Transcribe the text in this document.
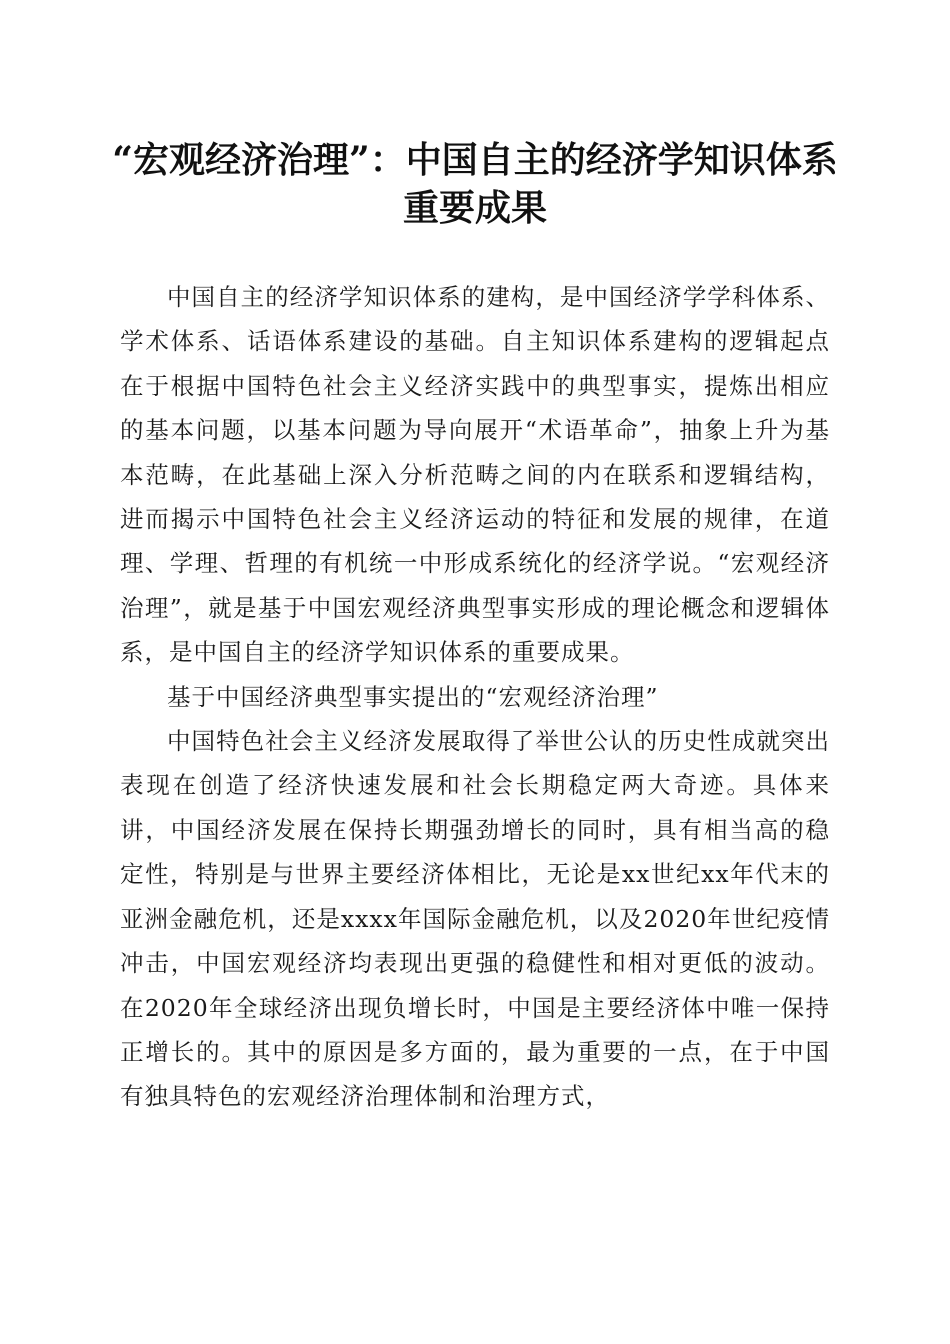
“宏观经济治理”：中国自主的经济学知识体系重要成果

中国自主的经济学知识体系的建构，是中国经济学学科体系、学术体系、话语体系建设的基础。自主知识体系建构的逻辑起点在于根据中国特色社会主义经济实践中的典型事实，提炼出相应的基本问题，以基本问题为导向展开“术语革命”，抽象上升为基本范畴，在此基础上深入分析范畴之间的内在联系和逻辑结构，进而揭示中国特色社会主义经济运动的特征和发展的规律，在道理、学理、哲理的有机统一中形成系统化的经济学说。“宏观经济治理”，就是基于中国宏观经济典型事实形成的理论概念和逻辑体系，是中国自主的经济学知识体系的重要成果。

基于中国经济典型事实提出的“宏观经济治理”

中国特色社会主义经济发展取得了举世公认的历史性成就突出表现在创造了经济快速发展和社会长期稳定两大奇迹。具体来讲，中国经济发展在保持长期强劲增长的同时，具有相当高的稳定性，特别是与世界主要经济体相比，无论是xx世纪xx年代末的亚洲金融危机，还是xxxx年国际金融危机，以及2020年世纪疫情冲击，中国宏观经济均表现出更强的稳健性和相对更低的波动。在2020年全球经济出现负增长时，中国是主要经济体中唯一保持正增长的。其中的原因是多方面的，最为重要的一点，在于中国有独具特色的宏观经济治理体制和治理方式，
